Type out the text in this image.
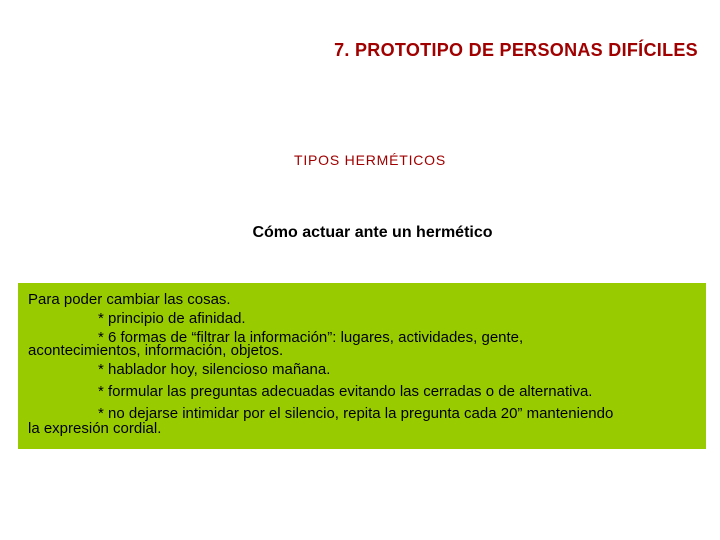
7. PROTOTIPO DE PERSONAS DIFÍCILES
TIPOS HERMÉTICOS
Cómo actuar ante un hermético
Para poder cambiar las cosas.
* principio de afinidad.
* 6 formas de “filtrar la información”: lugares, actividades, gente,
acontecimientos, información, objetos.
* hablador hoy, silencioso mañana.
* formular las preguntas adecuadas evitando las cerradas o de alternativa.
* no dejarse intimidar por el silencio, repita la pregunta cada 20” manteniendo
la expresión cordial.
